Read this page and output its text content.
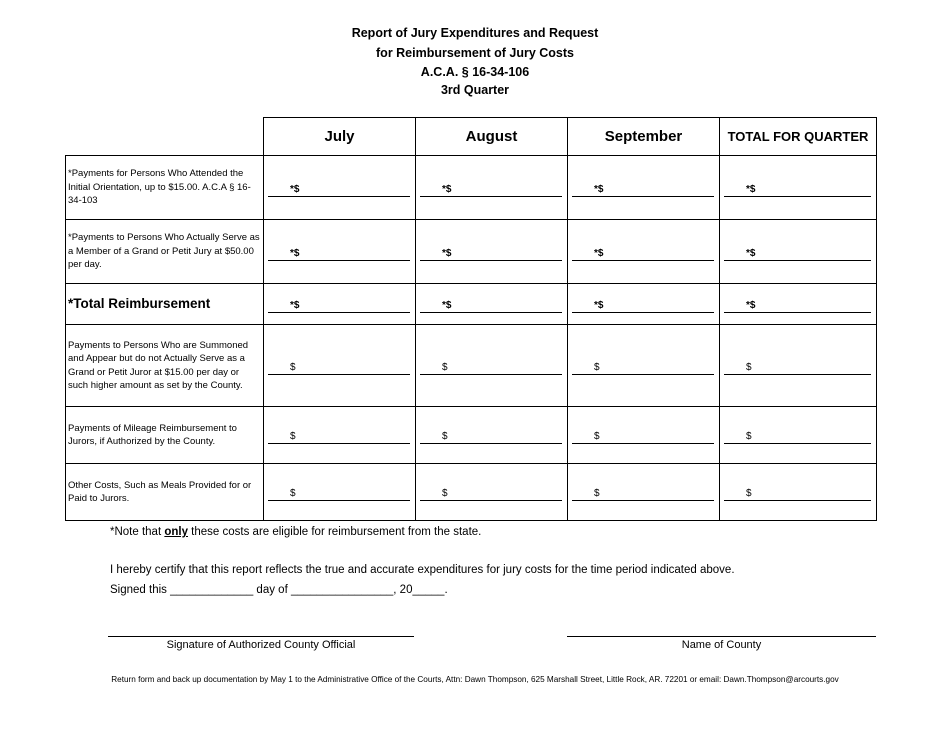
Report of Jury Expenditures and Request
for Reimbursement of Jury Costs
A.C.A. § 16-34-106
3rd Quarter
	July	August	September	TOTAL FOR QUARTER
*Payments for Persons Who Attended the Initial Orientation, up to $15.00. A.C.A § 16-34-103	*$	*$	*$	*$

*Payments to Persons Who Actually Serve as a Member of a Grand or Petit Jury at $50.00 per day.	*$	*$	*$	*$

*Total Reimbursement	*$	*$	*$	*$

Payments to Persons Who are Summoned and Appear but do not Actually Serve as a Grand or Petit Juror at $15.00 per day or such higher amount as set by the County.	$	$	$	$

Payments of Mileage Reimbursement to Jurors, if Authorized by the County.	$	$	$	$

Other Costs, Such as Meals Provided for or Paid to Jurors.	$	$	$	$
*Note that only these costs are eligible for reimbursement from the state.
I hereby certify that this report reflects the true and accurate expenditures for jury costs for the time period indicated above.
Signed this _____________ day of ________________, 20_____.
Signature of Authorized County Official	Name of County
Return form and back up documentation by May 1 to the Administrative Office of the Courts, Attn: Dawn Thompson, 625 Marshall Street, Little Rock, AR. 72201 or email: Dawn.Thompson@arcourts.gov
